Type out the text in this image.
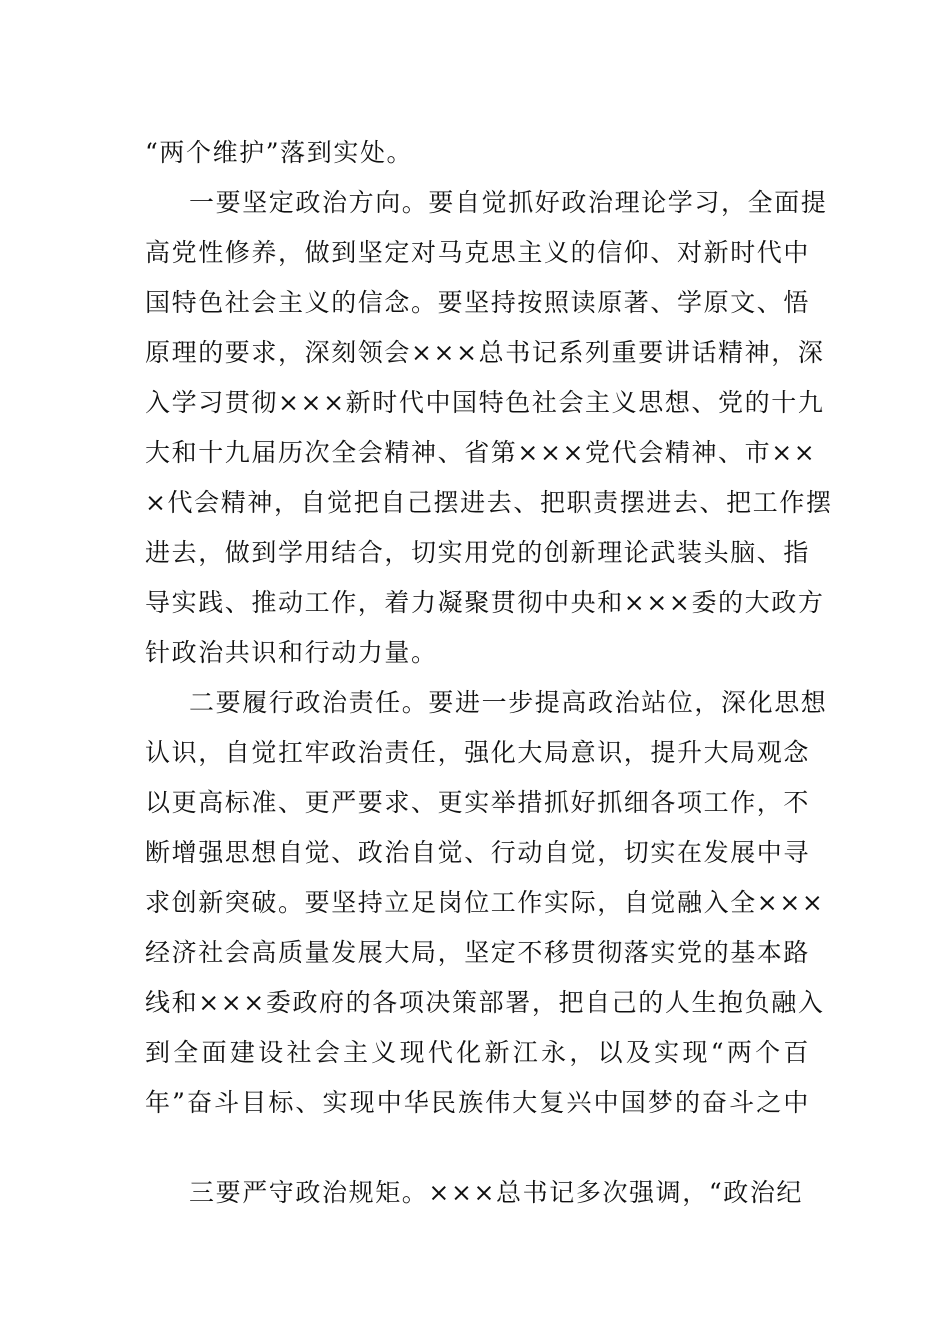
“两个维护”落到实处。
一要坚定政治方向。要自觉抓好政治理论学习，全面提
高党性修养，做到坚定对马克思主义的信仰、对新时代中
国特色社会主义的信念。要坚持按照读原著、学原文、悟
原理的要求，深刻领会×××总书记系列重要讲话精神，深
入学习贯彻×××新时代中国特色社会主义思想、党的十九
大和十九届历次全会精神、省第×××党代会精神、市××
×代会精神，自觉把自己摆进去、把职责摆进去、把工作摆
进去，做到学用结合，切实用党的创新理论武装头脑、指
导实践、推动工作，着力凝聚贯彻中央和×××委的大政方
针政治共识和行动力量。
二要履行政治责任。要进一步提高政治站位，深化思想
认识，自觉扛牢政治责任，强化大局意识，提升大局观念
以更高标准、更严要求、更实举措抓好抓细各项工作，不
断增强思想自觉、政治自觉、行动自觉，切实在发展中寻
求创新突破。要坚持立足岗位工作实际，自觉融入全×××
经济社会高质量发展大局，坚定不移贯彻落实党的基本路
线和×××委政府的各项决策部署，把自己的人生抱负融入
到全面建设社会主义现代化新江永，以及实现“两个百
年”奋斗目标、实现中华民族伟大复兴中国梦的奋斗之中
三要严守政治规矩。×××总书记多次强调，“政治纪
